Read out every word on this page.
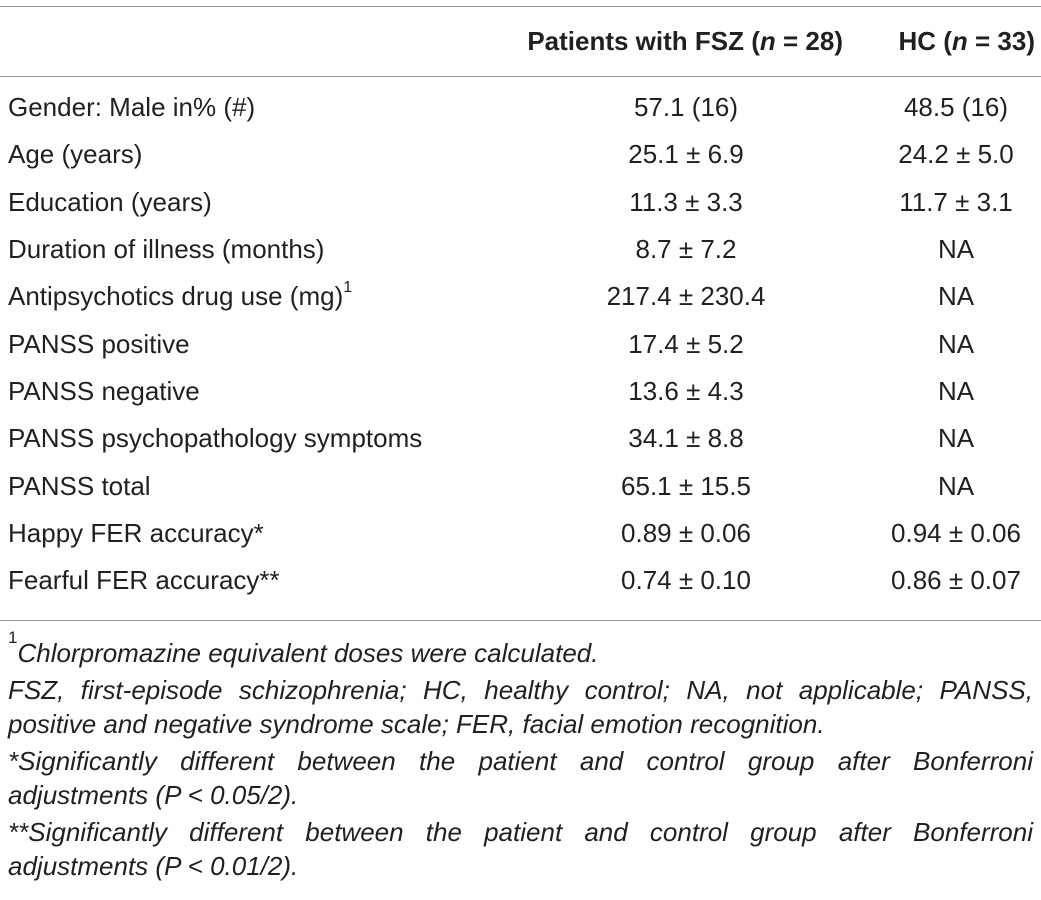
	Patients with FSZ (n = 28)	HC (n = 33)
Gender: Male in% (#)	57.1 (16)	48.5 (16)
Age (years)	25.1 ± 6.9	24.2 ± 5.0
Education (years)	11.3 ± 3.3	11.7 ± 3.1
Duration of illness (months)	8.7 ± 7.2	NA
Antipsychotics drug use (mg)$^1$	217.4 ± 230.4	NA
PANSS positive	17.4 ± 5.2	NA
PANSS negative	13.6 ± 4.3	NA
PANSS psychopathology symptoms	34.1 ± 8.8	NA
PANSS total	65.1 ± 15.5	NA
Happy FER accuracy*	0.89 ± 0.06	0.94 ± 0.06
Fearful FER accuracy**	0.74 ± 0.10	0.86 ± 0.07

$^1$Chlorpromazine equivalent doses were calculated.

FSZ, first-episode schizophrenia; HC, healthy control; NA, not applicable; PANSS, positive and negative syndrome scale; FER, facial emotion recognition.

*Significantly different between the patient and control group after Bonferroni adjustments (P < 0.05/2).

**Significantly different between the patient and control group after Bonferroni adjustments (P < 0.01/2).
